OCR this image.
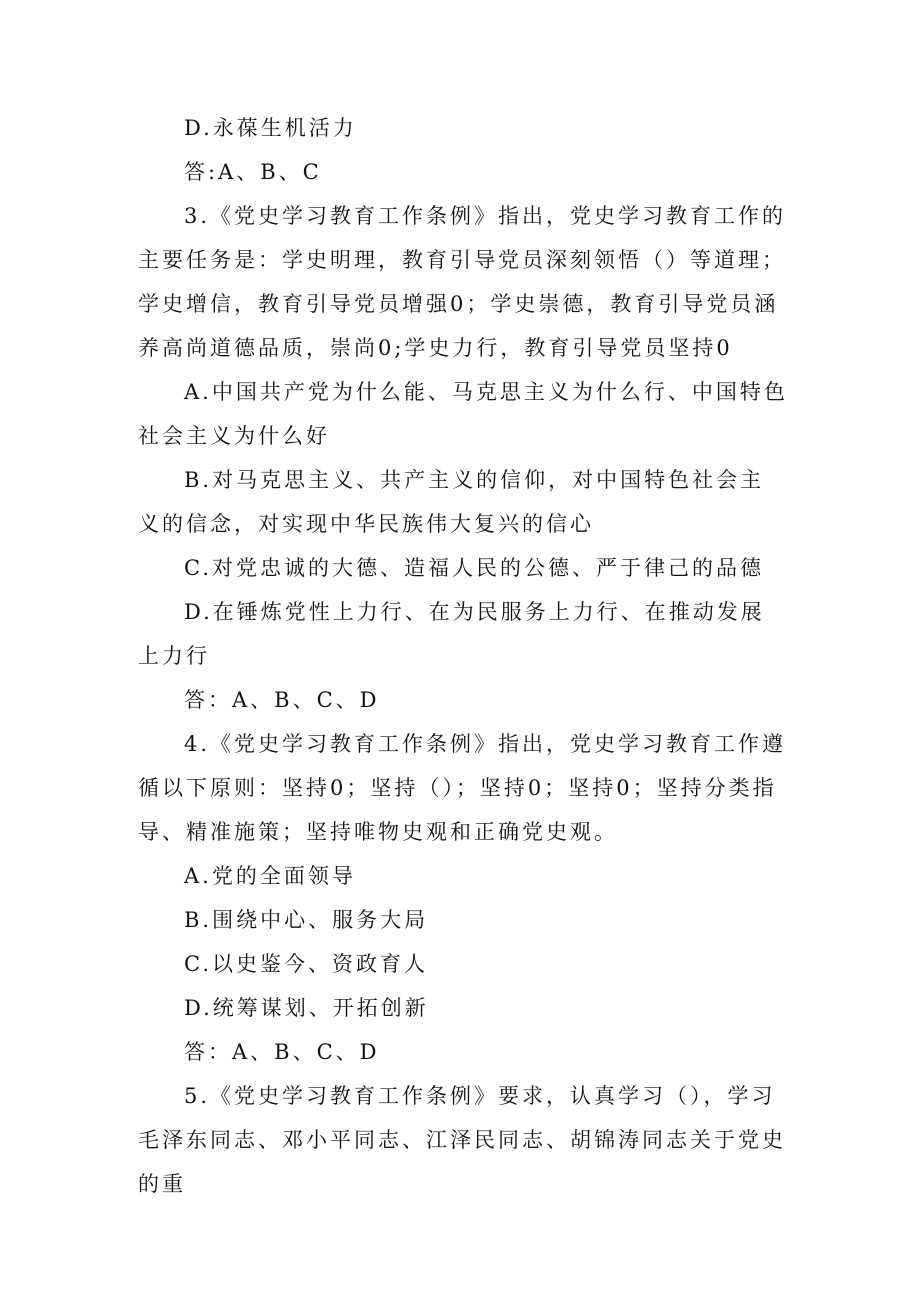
D.永葆生机活力

答:A、B、C

3.《党史学习教育工作条例》指出，党史学习教育工作的主要任务是：学史明理，教育引导党员深刻领悟（）等道理；学史增信，教育引导党员增强0；学史崇德，教育引导党员涵养高尚道德品质，崇尚0;学史力行，教育引导党员坚持0

A.中国共产党为什么能、马克思主义为什么行、中国特色社会主义为什么好

B.对马克思主义、共产主义的信仰，对中国特色社会主义的信念，对实现中华民族伟大复兴的信心

C.对党忠诚的大德、造福人民的公德、严于律己的品德

D.在锤炼党性上力行、在为民服务上力行、在推动发展上力行

答：A、B、C、D

4.《党史学习教育工作条例》指出，党史学习教育工作遵循以下原则：坚持0；坚持（）；坚持0；坚持0；坚持分类指导、精准施策；坚持唯物史观和正确党史观。

A.党的全面领导

B.围绕中心、服务大局

C.以史鉴今、资政育人

D.统筹谋划、开拓创新

答：A、B、C、D

5.《党史学习教育工作条例》要求，认真学习（），学习毛泽东同志、邓小平同志、江泽民同志、胡锦涛同志关于党史的重
